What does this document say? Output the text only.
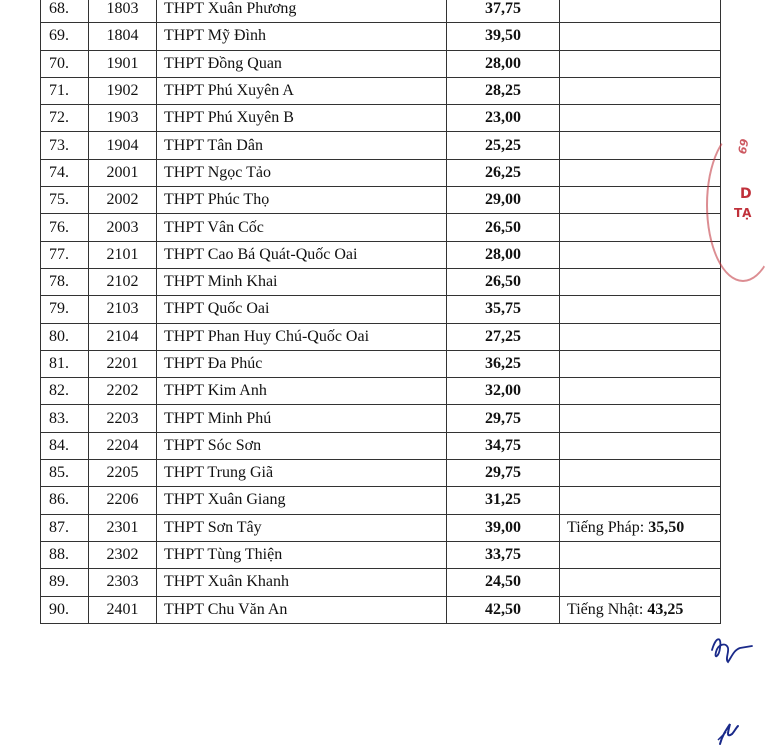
68.	1803	THPT Xuân Phương	37,75	
69.	1804	THPT Mỹ Đình	39,50	
70.	1901	THPT Đồng Quan	28,00	
71.	1902	THPT Phú Xuyên A	28,25	
72.	1903	THPT Phú Xuyên B	23,00	
73.	1904	THPT Tân Dân	25,25	
74.	2001	THPT Ngọc Tảo	26,25	
75.	2002	THPT Phúc Thọ	29,00	
76.	2003	THPT Vân Cốc	26,50	
77.	2101	THPT Cao Bá Quát-Quốc Oai	28,00	
78.	2102	THPT Minh Khai	26,50	
79.	2103	THPT Quốc Oai	35,75	
80.	2104	THPT Phan Huy Chú-Quốc Oai	27,25	
81.	2201	THPT Đa Phúc	36,25	
82.	2202	THPT Kim Anh	32,00	
83.	2203	THPT Minh Phú	29,75	
84.	2204	THPT Sóc Sơn	34,75	
85.	2205	THPT Trung Giã	29,75	
86.	2206	THPT Xuân Giang	31,25	
87.	2301	THPT Sơn Tây	39,00	Tiếng Pháp: 35,50
88.	2302	THPT Tùng Thiện	33,75	
89.	2303	THPT Xuân Khanh	24,50	
90.	2401	THPT Chu Văn An	42,50	Tiếng Nhật: 43,25
69
D
TẠ
